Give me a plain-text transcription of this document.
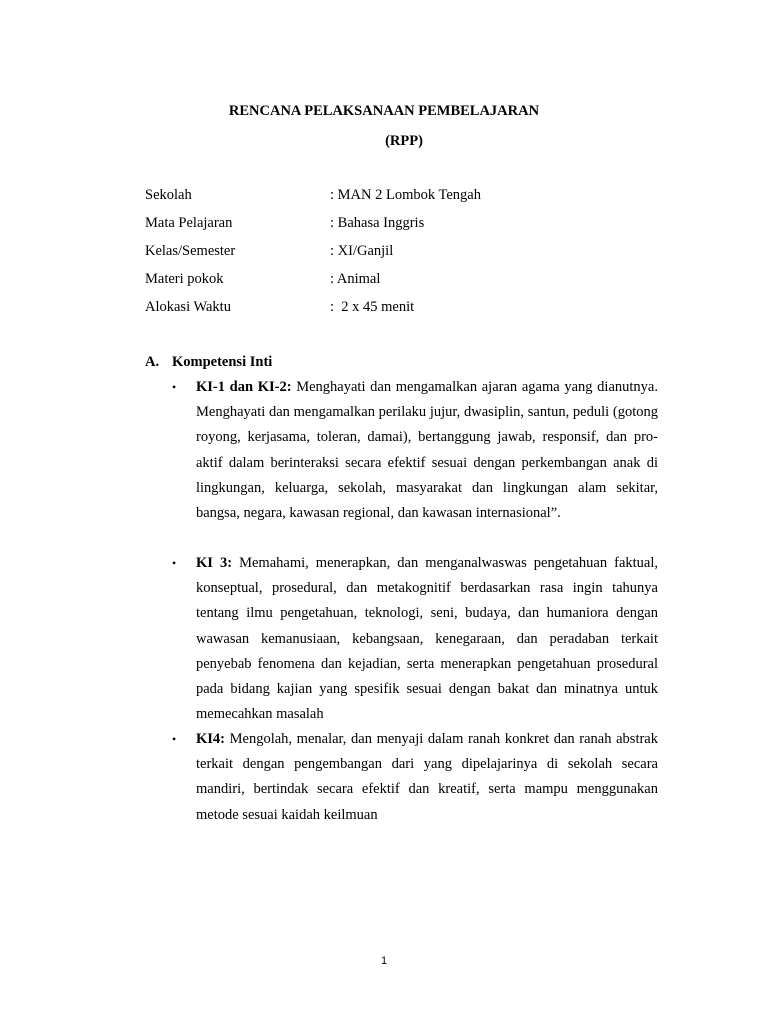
RENCANA PELAKSANAAN PEMBELAJARAN
(RPP)
Sekolah	: MAN 2 Lombok Tengah
Mata Pelajaran	: Bahasa Inggris
Kelas/Semester	: XI/Ganjil
Materi pokok	: Animal
Alokasi Waktu	:  2 x 45 menit
A. Kompetensi Inti
• KI-1 dan KI-2: Menghayati dan mengamalkan ajaran agama yang dianutnya. Menghayati dan mengamalkan perilaku jujur, dwasiplin, santun, peduli (gotong royong, kerjasama, toleran, damai), bertanggung jawab, responsif, dan pro-aktif dalam berinteraksi secara efektif sesuai dengan perkembangan anak di lingkungan, keluarga, sekolah, masyarakat dan lingkungan alam sekitar, bangsa, negara, kawasan regional, dan kawasan internasional”.

• KI 3: Memahami, menerapkan, dan menganalwaswas pengetahuan faktual, konseptual, prosedural, dan metakognitif berdasarkan rasa ingin tahunya tentang ilmu pengetahuan, teknologi, seni, budaya, dan humaniora dengan wawasan kemanusiaan, kebangsaan, kenegaraan, dan peradaban terkait penyebab fenomena dan kejadian, serta menerapkan pengetahuan prosedural pada bidang kajian yang spesifik sesuai dengan bakat dan minatnya untuk memecahkan masalah

• KI4: Mengolah, menalar, dan menyaji dalam ranah konkret dan ranah abstrak terkait dengan pengembangan dari yang dipelajarinya di sekolah secara mandiri, bertindak secara efektif dan kreatif, serta mampu menggunakan metode sesuai kaidah keilmuan

1
